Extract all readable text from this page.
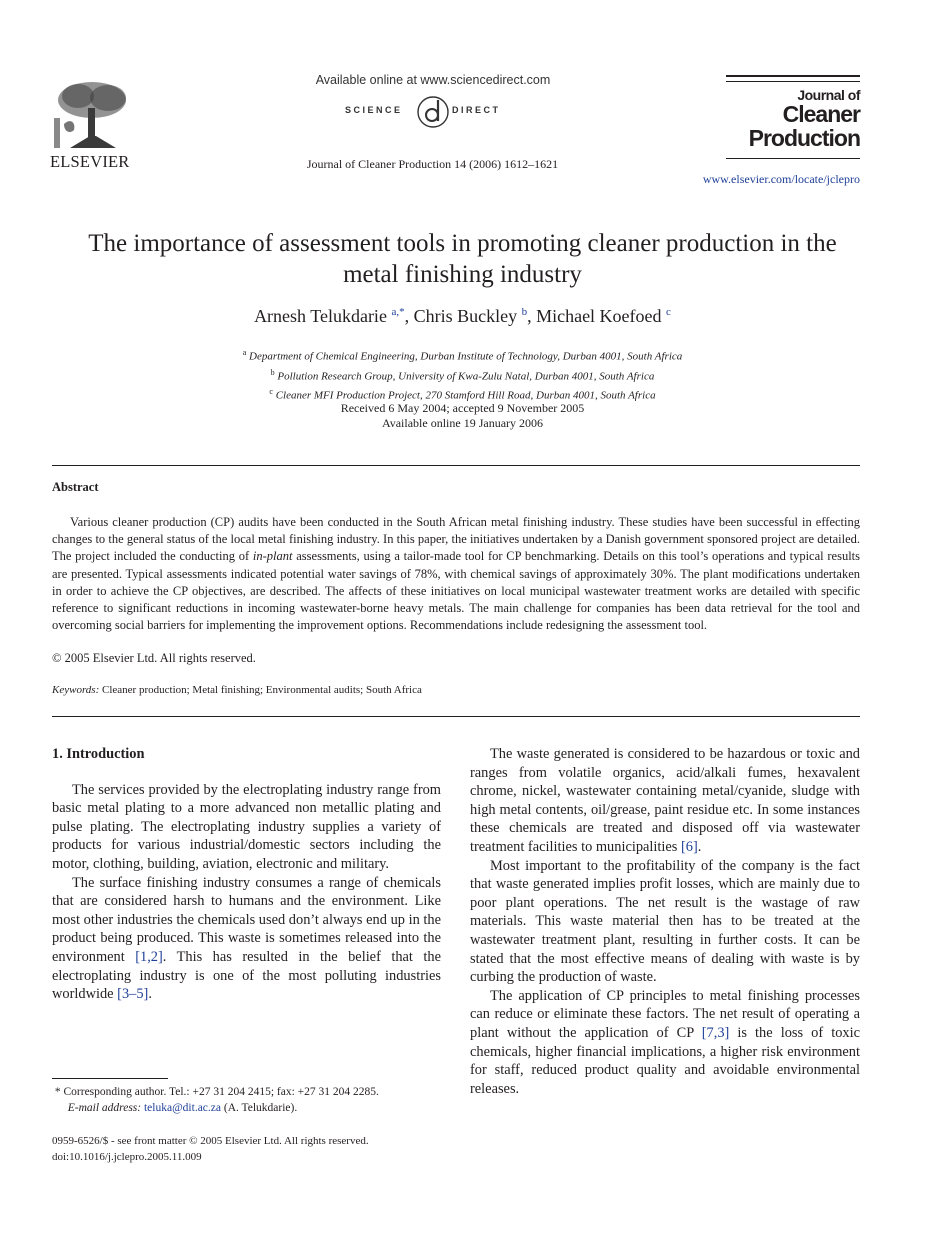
ELSEVIER
Available online at www.sciencedirect.com
SCIENCE	DIRECT
Journal of Cleaner Production 14 (2006) 1612–1621
Journal of
Cleaner
Production
www.elsevier.com/locate/jclepro
The importance of assessment tools in promoting cleaner production in the metal finishing industry
Arnesh Telukdarie $^{a,*}$, Chris Buckley $^b$, Michael Koefoed $^c$
$^a$ Department of Chemical Engineering, Durban Institute of Technology, Durban 4001, South Africa
$^b$ Pollution Research Group, University of Kwa-Zulu Natal, Durban 4001, South Africa
$^c$ Cleaner MFI Production Project, 270 Stamford Hill Road, Durban 4001, South Africa
Received 6 May 2004; accepted 9 November 2005
Available online 19 January 2006
Abstract
Various cleaner production (CP) audits have been conducted in the South African metal finishing industry. These studies have been successful in effecting changes to the general status of the local metal finishing industry. In this paper, the initiatives undertaken by a Danish government sponsored project are detailed. The project included the conducting of in-plant assessments, using a tailor-made tool for CP benchmarking. Details on this tool’s operations and typical results are presented. Typical assessments indicated potential water savings of 78%, with chemical savings of approximately 30%. The plant modifications undertaken in order to achieve the CP objectives, are described. The affects of these initiatives on local municipal wastewater treatment works are detailed with specific reference to significant reductions in incoming wastewater-borne heavy metals. The main challenge for companies has been data retrieval for the tool and overcoming social barriers for implementing the improvement options. Recommendations include redesigning the assessment tool.
© 2005 Elsevier Ltd. All rights reserved.
Keywords: Cleaner production; Metal finishing; Environmental audits; South Africa
1. Introduction

The services provided by the electroplating industry range from basic metal plating to a more advanced non metallic plating and pulse plating. The electroplating industry supplies a variety of products for various industrial/domestic sectors including the motor, clothing, building, aviation, electronic and military.

The surface finishing industry consumes a range of chemicals that are considered harsh to humans and the environment. Like most other industries the chemicals used don’t always end up in the product being produced. This waste is sometimes released into the environment [1,2]. This has resulted in the belief that the electroplating industry is one of the most polluting industries worldwide [3–5].

The waste generated is considered to be hazardous or toxic and ranges from volatile organics, acid/alkali fumes, hexavalent chrome, nickel, wastewater containing metal/cyanide, sludge with high metal contents, oil/grease, paint residue etc. In some instances these chemicals are treated and disposed off via wastewater treatment facilities to municipalities [6].

Most important to the profitability of the company is the fact that waste generated implies profit losses, which are mainly due to poor plant operations. The net result is the wastage of raw materials. This waste material then has to be treated at the wastewater treatment plant, resulting in further costs. It can be stated that the most effective means of dealing with waste is by curbing the production of waste.

The application of CP principles to metal finishing processes can reduce or eliminate these factors. The net result of operating a plant without the application of CP [7,3] is the loss of toxic chemicals, higher financial implications, a higher risk environment for staff, reduced product quality and avoidable environmental releases.

* Corresponding author. Tel.: +27 31 204 2415; fax: +27 31 204 2285.
E-mail address: teluka@dit.ac.za (A. Telukdarie).
0959-6526/$ - see front matter © 2005 Elsevier Ltd. All rights reserved.
doi:10.1016/j.jclepro.2005.11.009
